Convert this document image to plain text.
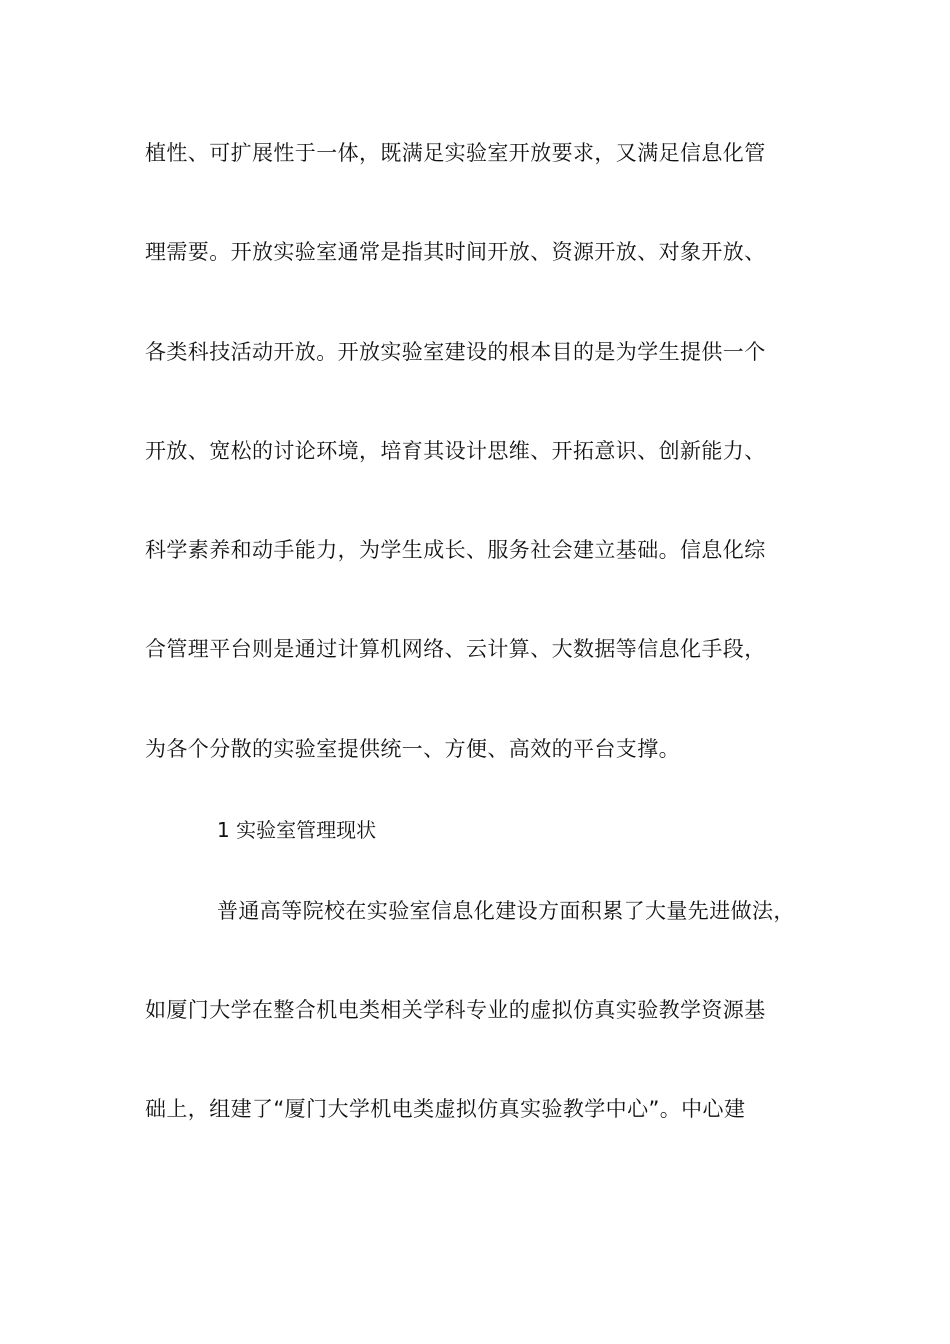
植性、可扩展性于一体，既满足实验室开放要求，又满足信息化管
理需要。开放实验室通常是指其时间开放、资源开放、对象开放、
各类科技活动开放。开放实验室建设的根本目的是为学生提供一个
开放、宽松的讨论环境，培育其设计思维、开拓意识、创新能力、
科学素养和动手能力，为学生成长、服务社会建立基础。信息化综
合管理平台则是通过计算机网络、云计算、大数据等信息化手段，
为各个分散的实验室提供统一、方便、高效的平台支撑。
1 实验室管理现状
普通高等院校在实验室信息化建设方面积累了大量先进做法，
如厦门大学在整合机电类相关学科专业的虚拟仿真实验教学资源基
础上，组建了“厦门大学机电类虚拟仿真实验教学中心”。中心建
